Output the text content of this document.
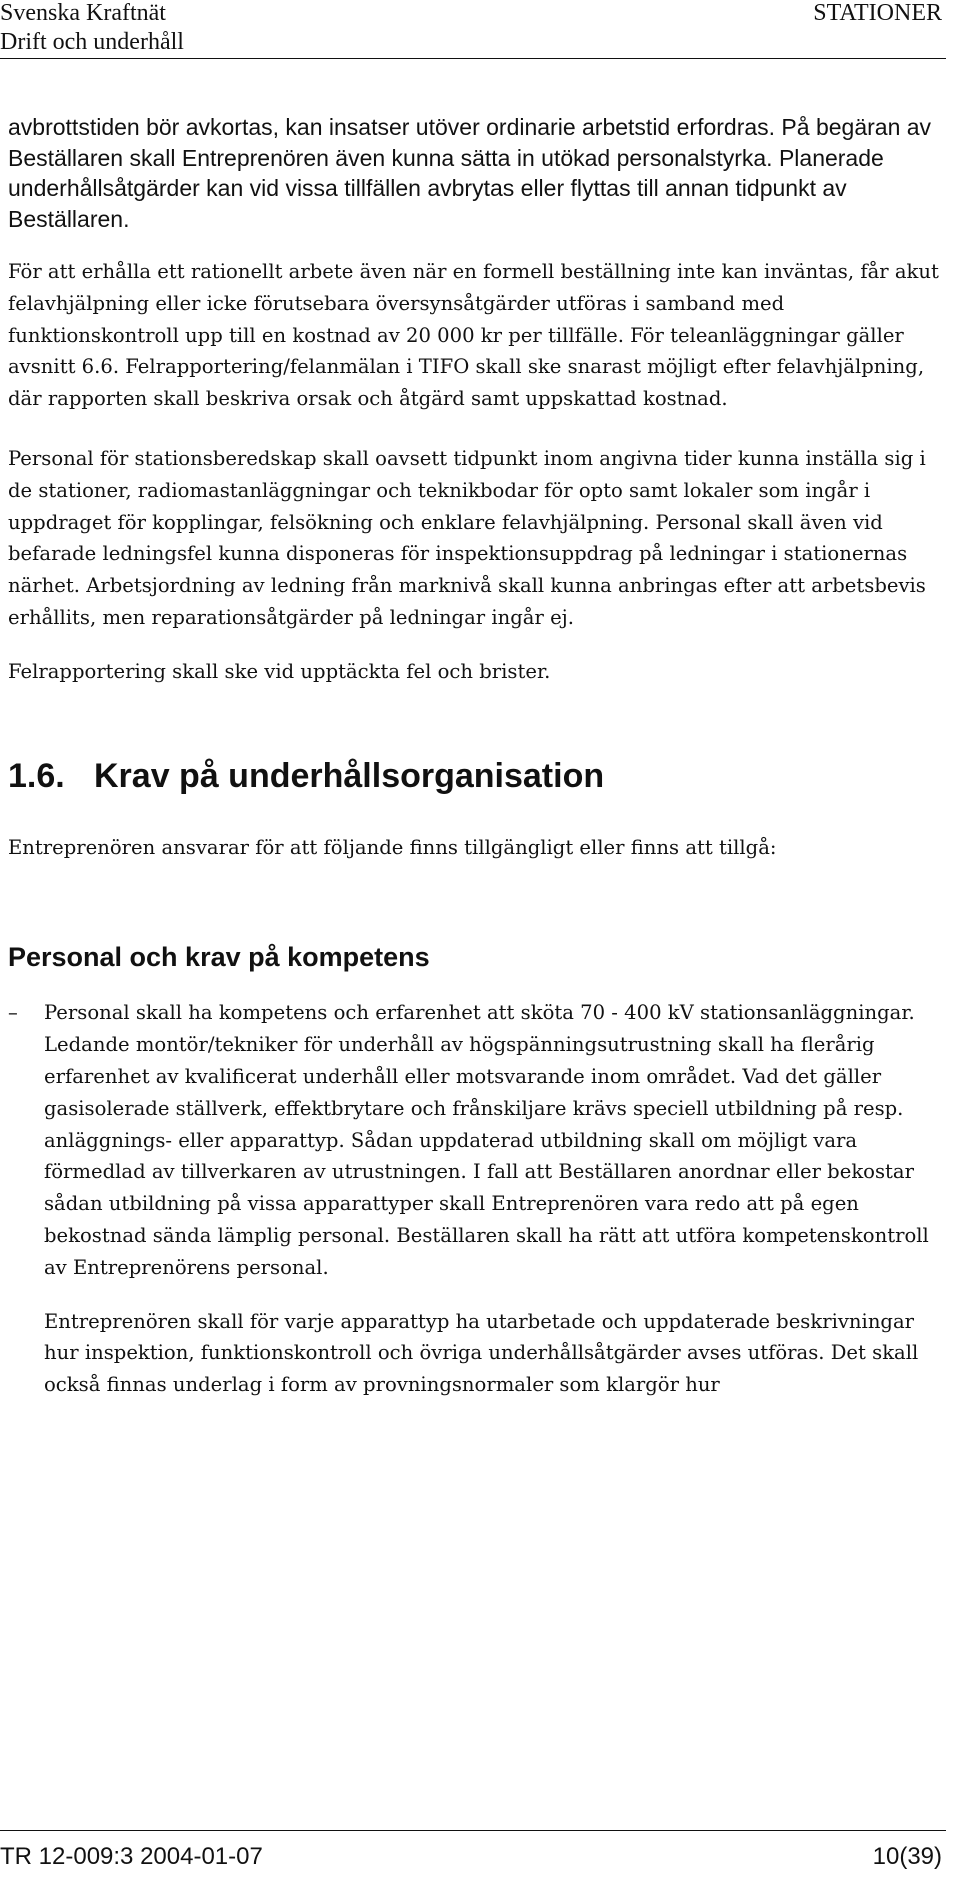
Svenska Kraftnät
Drift och underhåll
STATIONER

avbrottstiden bör avkortas, kan insatser utöver ordinarie arbetstid erfordras. På begäran av Beställaren skall Entreprenören även kunna sätta in utökad personalstyrka. Planerade underhållsåtgärder kan vid vissa tillfällen avbrytas eller flyttas till annan tidpunkt av Beställaren.

För att erhålla ett rationellt arbete även när en formell beställning inte kan inväntas, får akut felavhjälpning eller icke förutsebara översynsåtgärder utföras i samband med funktionskontroll upp till en kostnad av 20 000 kr per tillfälle. För teleanläggningar gäller avsnitt 6.6. Felrapportering/felanmälan i TIFO skall ske snarast möjligt efter felavhjälpning, där rapporten skall beskriva orsak och åtgärd samt uppskattad kostnad.

Personal för stationsberedskap skall oavsett tidpunkt inom angivna tider kunna inställa sig i de stationer, radiomastanläggningar och teknikbodar för opto samt lokaler som ingår i uppdraget för kopplingar, felsökning och enklare felavhjälpning. Personal skall även vid befarade ledningsfel kunna disponeras för inspektionsuppdrag på ledningar i stationernas närhet. Arbetsjordning av ledning från marknivå skall kunna anbringas efter att arbetsbevis erhållits, men reparationsåtgärder på ledningar ingår ej.

Felrapportering skall ske vid upptäckta fel och brister.

1.6. Krav på underhållsorganisation

Entreprenören ansvarar för att följande finns tillgängligt eller finns att tillgå:

Personal och krav på kompetens
–	Personal skall ha kompetens och erfarenhet att sköta 70 - 400 kV stationsanläggningar. Ledande montör/tekniker för underhåll av högspänningsutrustning skall ha flerårig erfarenhet av kvalificerat underhåll eller motsvarande inom området. Vad det gäller gasisolerade ställverk, effektbrytare och frånskiljare krävs speciell utbildning på resp. anläggnings- eller apparattyp. Sådan uppdaterad utbildning skall om möjligt vara förmedlad av tillverkaren av utrustningen. I fall att Beställaren anordnar eller bekostar sådan utbildning på vissa apparattyper skall Entreprenören vara redo att på egen bekostnad sända lämplig personal. Beställaren skall ha rätt att utföra kompetenskontroll av Entreprenörens personal.

Entreprenören skall för varje apparattyp ha utarbetade och uppdaterade beskrivningar hur inspektion, funktionskontroll och övriga underhållsåtgärder avses utföras. Det skall också finnas underlag i form av provningsnormaler som klargör hur

TR 12-009:3 2004-01-07	10(39)
